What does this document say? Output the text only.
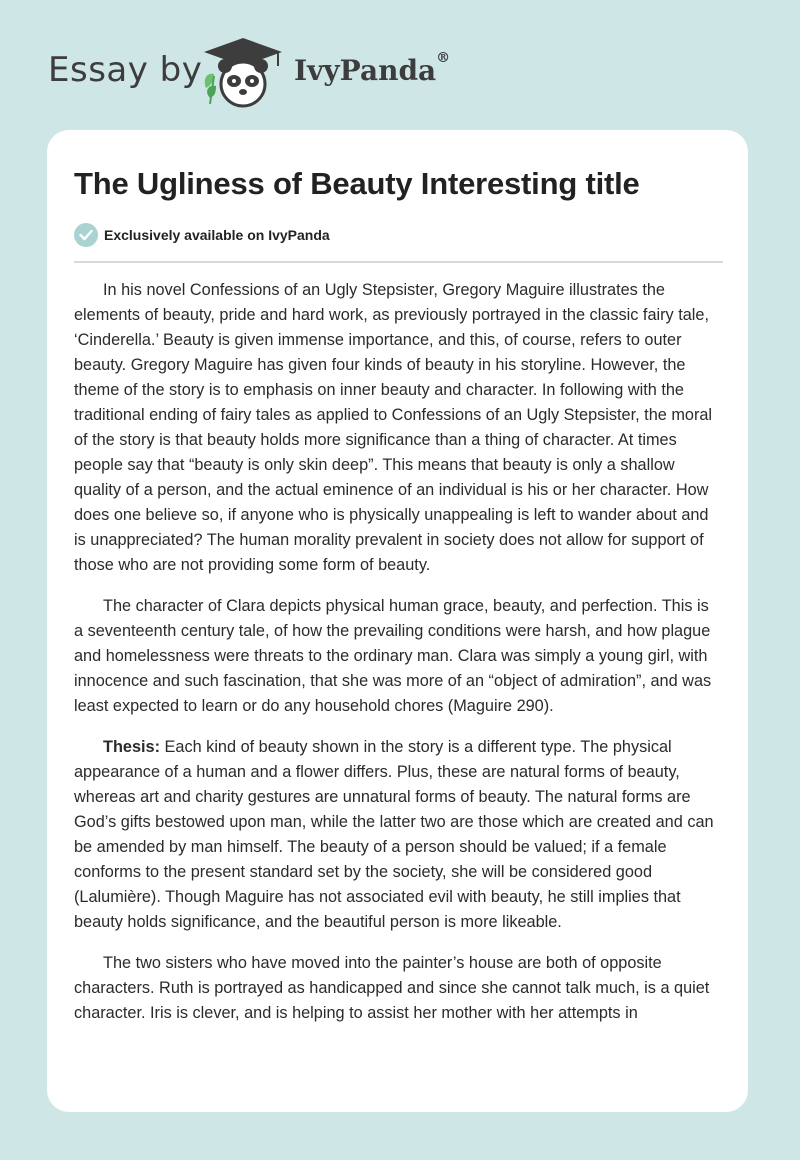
Essay by	IvyPanda®
The Ugliness of Beauty Interesting title
Exclusively available on IvyPanda

In his novel Confessions of an Ugly Stepsister, Gregory Maguire illustrates the elements of beauty, pride and hard work, as previously portrayed in the classic fairy tale, ‘Cinderella.’ Beauty is given immense importance, and this, of course, refers to outer beauty. Gregory Maguire has given four kinds of beauty in his storyline. However, the theme of the story is to emphasis on inner beauty and character. In following with the traditional ending of fairy tales as applied to Confessions of an Ugly Stepsister, the moral of the story is that beauty holds more significance than a thing of character. At times people say that “beauty is only skin deep”. This means that beauty is only a shallow quality of a person, and the actual eminence of an individual is his or her character. How does one believe so, if anyone who is physically unappealing is left to wander about and is unappreciated? The human morality prevalent in society does not allow for support of those who are not providing some form of beauty.

The character of Clara depicts physical human grace, beauty, and perfection. This is a seventeenth century tale, of how the prevailing conditions were harsh, and how plague and homelessness were threats to the ordinary man. Clara was simply a young girl, with innocence and such fascination, that she was more of an “object of admiration”, and was least expected to learn or do any household chores (Maguire 290).

Thesis: Each kind of beauty shown in the story is a different type. The physical appearance of a human and a flower differs. Plus, these are natural forms of beauty, whereas art and charity gestures are unnatural forms of beauty. The natural forms are God’s gifts bestowed upon man, while the latter two are those which are created and can be amended by man himself. The beauty of a person should be valued; if a female conforms to the present standard set by the society, she will be considered good (Lalumière). Though Maguire has not associated evil with beauty, he still implies that beauty holds significance, and the beautiful person is more likeable.

The two sisters who have moved into the painter’s house are both of opposite characters. Ruth is portrayed as handicapped and since she cannot talk much, is a quiet character. Iris is clever, and is helping to assist her mother with her attempts in
